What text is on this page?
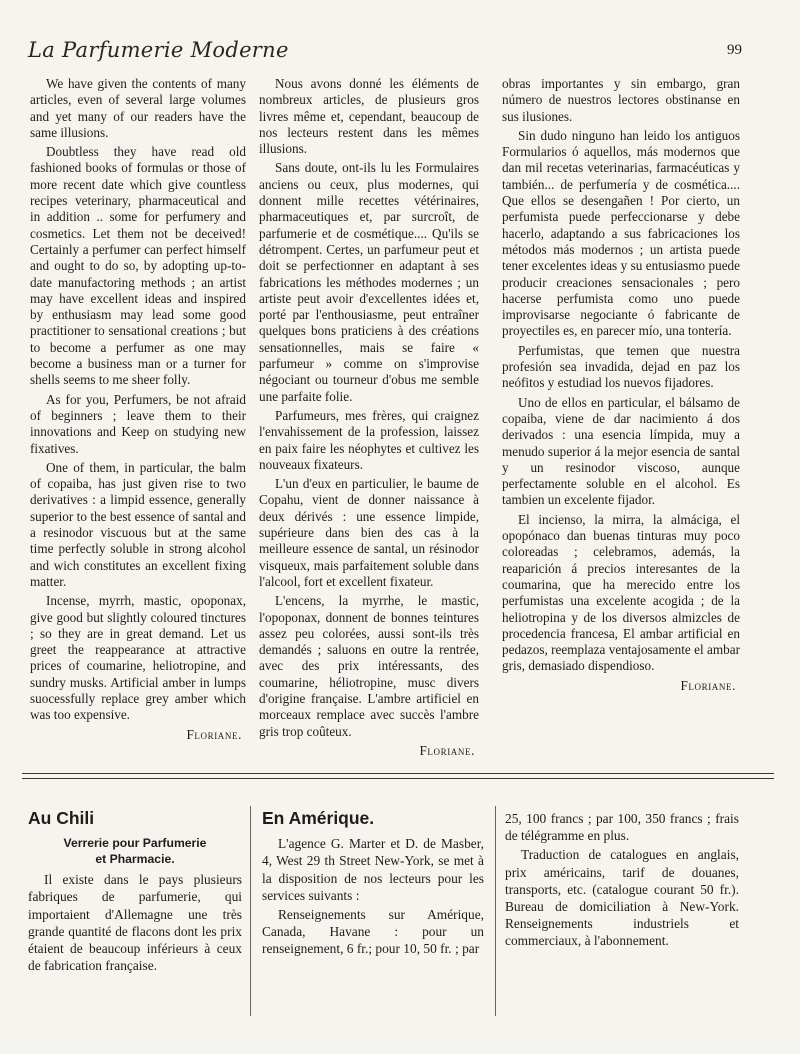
La Parfumerie Moderne	99

We have given the contents of many articles, even of several large volumes and yet many of our readers have the same illusions.

Doubtless they have read old fashioned books of formulas or those of more recent date which give countless recipes veterinary, pharmaceutical and in addition .. some for perfumery and cosmetics. Let them not be deceived! Certainly a perfumer can perfect himself and ought to do so, by adopting up-to-date manufactoring methods ; an artist may have excellent ideas and inspired by enthusiasm may lead some good practitioner to sensational creations ; but to become a perfumer as one may become a business man or a turner for shells seems to me sheer folly.

As for you, Perfumers, be not afraid of beginners ; leave them to their innovations and Keep on studying new fixatives.

One of them, in particular, the balm of copaiba, has just given rise to two derivatives : a limpid essence, generally superior to the best essence of santal and a resinodor viscuous but at the same time perfectly soluble in strong alcohol and wich constitutes an excellent fixing matter.

Incense, myrrh, mastic, opoponax, give good but slightly coloured tinctures ; so they are in great demand. Let us greet the reappearance at attractive prices of coumarine, heliotropine, and sundry musks. Artificial amber in lumps suocessfully replace grey amber which was too expensive.

Floriane.

Nous avons donné les éléments de nombreux articles, de plusieurs gros livres même et, cependant, beaucoup de nos lecteurs restent dans les mêmes illusions.

Sans doute, ont-ils lu les Formulaires anciens ou ceux, plus modernes, qui donnent mille recettes vétérinaires, pharmaceutiques et, par surcroît, de parfumerie et de cosmétique.... Qu'ils se détrompent. Certes, un parfumeur peut et doit se perfectionner en adaptant à ses fabrications les méthodes modernes ; un artiste peut avoir d'excellentes idées et, porté par l'enthousiasme, peut entraîner quelques bons praticiens à des créations sensationnelles, mais se faire « parfumeur » comme on s'improvise négociant ou tourneur d'obus me semble une parfaite folie.

Parfumeurs, mes frères, qui craignez l'envahissement de la profession, laissez en paix faire les néophytes et cultivez les nouveaux fixateurs.

L'un d'eux en particulier, le baume de Copahu, vient de donner naissance à deux dérivés : une essence limpide, supérieure dans bien des cas à la meilleure essence de santal, un résinodor visqueux, mais parfaitement soluble dans l'alcool, fort et excellent fixateur.

L'encens, la myrrhe, le mastic, l'opoponax, donnent de bonnes teintures assez peu colorées, aussi sont-ils très demandés ; saluons en outre la rentrée, avec des prix intéressants, des coumarine, héliotropine, musc divers d'origine française. L'ambre artificiel en morceaux remplace avec succès l'ambre gris trop coûteux.

Floriane.

obras importantes y sin embargo, gran número de nuestros lectores obstinanse en sus ilusiones.

Sin dudo ninguno han leido los antiguos Formularios ó aquellos, más modernos que dan mil recetas veterinarias, farmacéuticas y también... de perfumería y de cosmética.... Que ellos se desengañen ! Por cierto, un perfumista puede perfeccionarse y debe hacerlo, adaptando a sus fabricaciones los métodos más modernos ; un artista puede tener excelentes ideas y su entusiasmo puede producir creaciones sensacionales ; pero hacerse perfumista como uno puede improvisarse negociante ó fabricante de proyectiles es, en parecer mío, una tontería.

Perfumistas, que temen que nuestra profesión sea invadida, dejad en paz los neófitos y estudiad los nuevos fijadores.

Uno de ellos en particular, el bálsamo de copaiba, viene de dar nacimiento á dos derivados : una esencia límpida, muy a menudo superior á la mejor esencia de santal y un resinodor viscoso, aunque perfectamente soluble en el alcohol. Es tambien un excelente fijador.

El incienso, la mirra, la almáciga, el opopónaco dan buenas tinturas muy poco coloreadas ; celebramos, además, la reaparición á precios interesantes de la coumarina, que ha merecido entre los perfumistas una excelente acogida ; de la heliotropina y de los diversos almizcles de procedencia francesa, El ambar artificial en pedazos, reemplaza ventajosamente el ambar gris, demasiado dispendioso.

Floriane.
Au Chili
Verrerie pour Parfumerie
et Pharmacie.

Il existe dans le pays plusieurs fabriques de parfumerie, qui importaient d'Allemagne une très grande quantité de flacons dont les prix étaient de beaucoup inférieurs à ceux de fabrication française.

En Amérique.

L'agence G. Marter et D. de Masber, 4, West 29 th Street New-York, se met à la disposition de nos lecteurs pour les services suivants :

Renseignements sur Amérique, Canada, Havane : pour un renseignement, 6 fr.; pour 10, 50 fr. ; par

25, 100 francs ; par 100, 350 francs ; frais de télégramme en plus.

Traduction de catalogues en anglais, prix américains, tarif de douanes, transports, etc. (catalogue courant 50 fr.). Bureau de domiciliation à New-York. Renseignements industriels et commerciaux, à l'abonnement.
